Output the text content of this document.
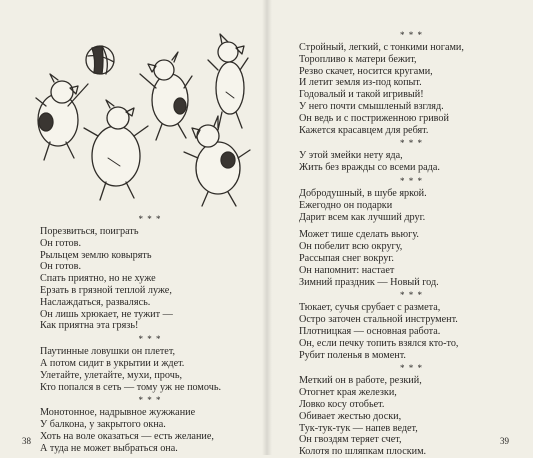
* * *
Порезвиться, поиграть
Он готов.
Рыльцем землю ковырять
Он готов.
Спать приятно, но не хуже
Ерзать в грязной теплой луже,
Наслаждаться, развалясь.
Он лишь хрюкает, не тужит —
Как приятна эта грязь!
* * *
Паутинные ловушки он плетет,
А потом сидит в укрытии и ждет.
Улетайте, улетайте, мухи, прочь,
Кто попался в сеть — тому уж не помочь.
* * *
Монотонное, надрывное жужжание
У балкона, у закрытого окна.
Хоть на воле оказаться — есть желание,
А туда не может выбраться она.
38
* * *
Стройный, легкий, с тонкими ногами,
Торопливо к матери бежит,
Резво скачет, носится кругами,
И летит земля из-под копыт.
Годовалый и такой игривый!
У него почти смышленый взгляд.
Он ведь и с постриженною гривой
Кажется красавцем для ребят.
* * *
У этой змейки нету яда,
Жить без вражды со всеми рада.
* * *
Добродушный, в шубе яркой.
Ежегодно он подарки
Дарит всем как лучший друг.
Может тише сделать вьюгу.
Он побелит всю округу,
Рассыпая снег вокруг.
Он напомнит: настает
Зимний праздник — Новый год.
* * *
Тюкает, сучья срубает с размета,
Остро заточен стальной инструмент.
Плотницкая — основная работа.
Он, если печку топить взялся кто-то,
Рубит поленья в момент.
* * *
Меткий он в работе, резкий,
Отогнет края железки,
Ловко косу отобьет.
Обивает жестью доски,
Тук-тук-тук — напев ведет,
Он гвоздям теряет счет,
Колотя по шляпкам плоским.
39
